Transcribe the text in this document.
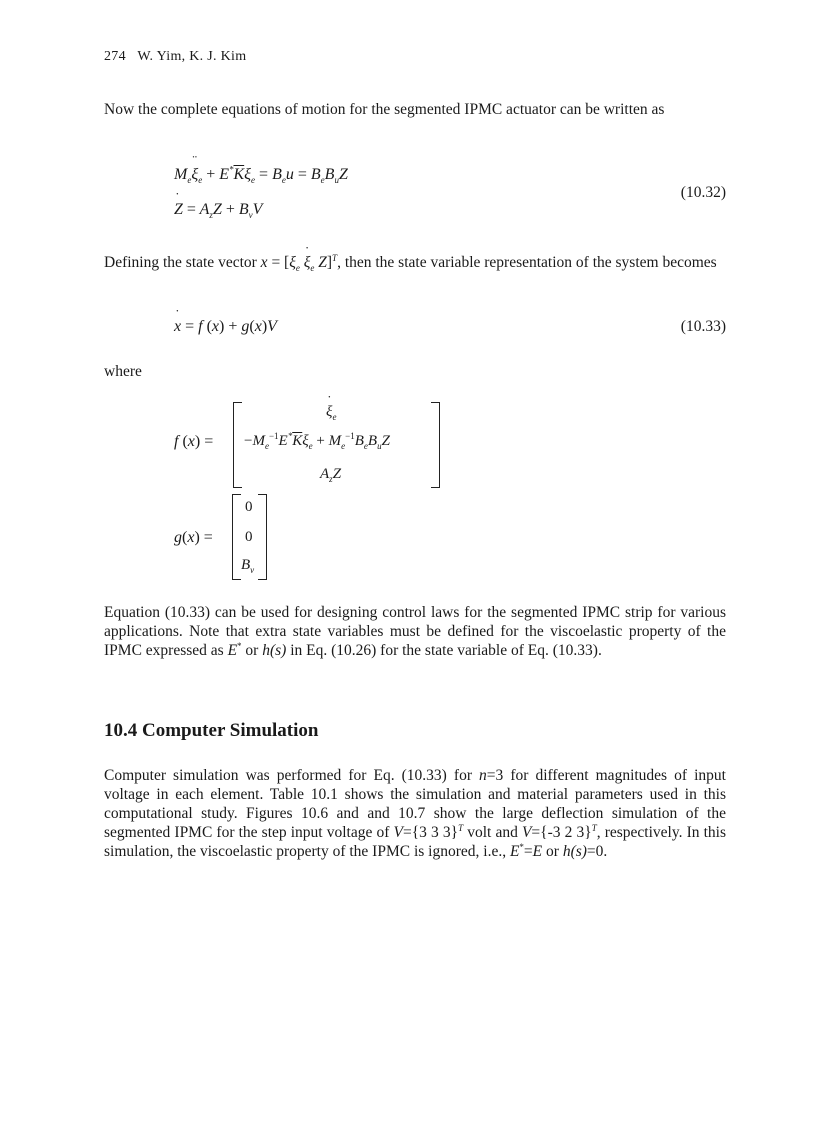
274 W. Yim, K. J. Kim
Now the complete equations of motion for the segmented IPMC actuator can be written as
$M_e¨$ $\xi_e + E^*\overline{K}\xi_e = B_eu = B_eB_uZ$
˙ $Z = A_zZ + B_vV$
(10.32)
Defining the state vector $x = [\xi_e$ ˙ $\xi_e$ Z]$^T$, then the state variable representation of the system becomes
˙ x = f (x) + g(x)V	(10.33)
where
f (x) =
˙ $\xi_e$
$-M_e^{-1}E^*\overline{K}\xi_e + M_e^{-1}B_eB_uZ$
$A_zZ$
g(x) =
0
0
$B_v$
Equation (10.33) can be used for designing control laws for the segmented IPMC strip for various applications. Note that extra state variables must be defined for the viscoelastic property of the IPMC expressed as E* or h(s) in Eq. (10.26) for the state variable of Eq. (10.33).
10.4 Computer Simulation
Computer simulation was performed for Eq. (10.33) for n=3 for different magnitudes of input voltage in each element. Table 10.1 shows the simulation and material parameters used in this computational study. Figures 10.6 and and 10.7 show the large deflection simulation of the segmented IPMC for the step input voltage of V={3 3 3}$^T$ volt and V={-3 2 3}$^T$, respectively. In this simulation, the viscoelastic property of the IPMC is ignored, i.e., E*=E or h(s)=0.
